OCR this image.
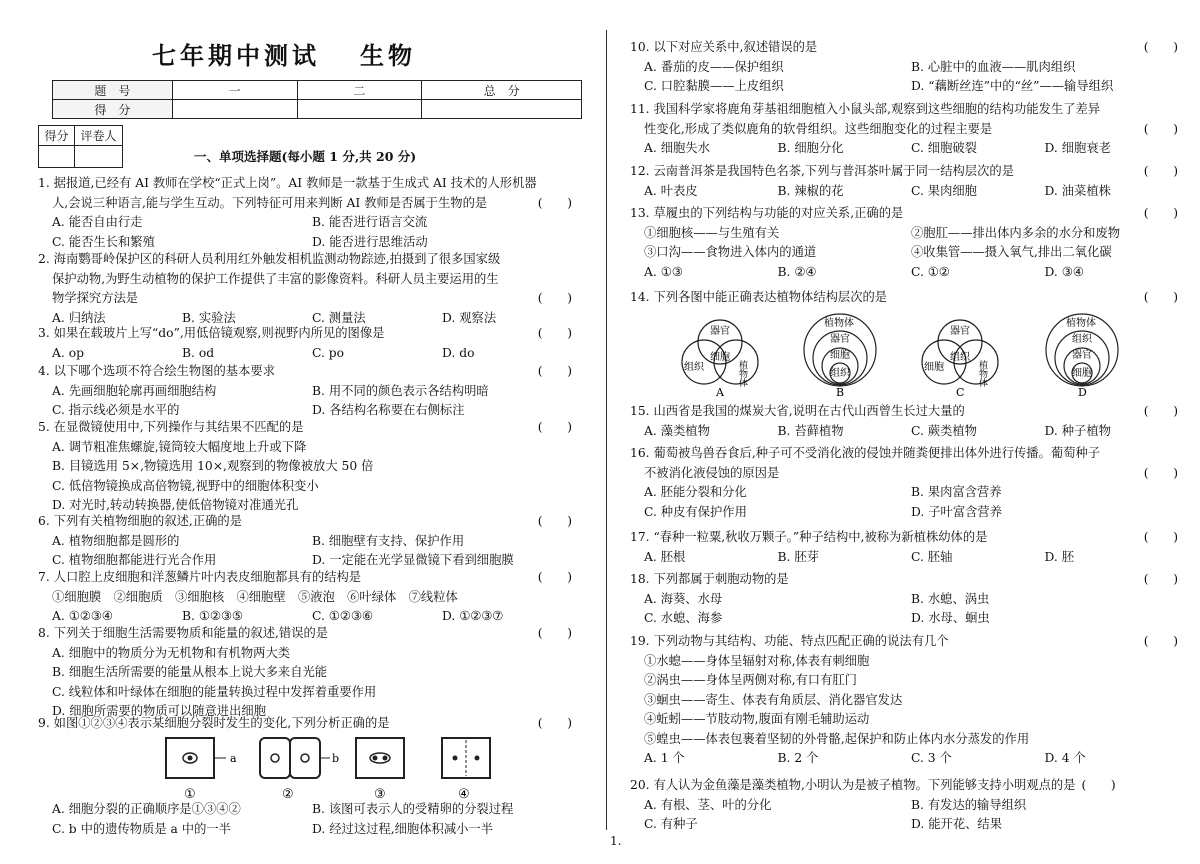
七年期中测试 生物
题　号	一	二	总　分
得　分			
得分	评卷人

一、单项选择题(每小题 1 分,共 20 分)
1. 据报道,已经有 AI 教师在学校“正式上岗”。AI 教师是一款基于生成式 AI 技术的人形机器
人,会说三种语言,能与学生互动。下列特征可用来判断 AI 教师是否属于生物的是	(　　)
A. 能否自由行走	B. 能否进行语言交流
C. 能否生长和繁殖	D. 能否进行思维活动
2. 海南鹦哥岭保护区的科研人员利用红外触发相机监测动物踪迹,拍摄到了很多国家级
保护动物,为野生动植物的保护工作提供了丰富的影像资料。科研人员主要运用的生
物学探究方法是	(　　)
A. 归纳法	B. 实验法	C. 测量法	D. 观察法
3. 如果在载玻片上写“do”,用低倍镜观察,则视野内所见的图像是	(　　)
A. op	B. od	C. po	D. do
4. 以下哪个选项不符合绘生物图的基本要求	(　　)
A. 先画细胞轮廓再画细胞结构	B. 用不同的颜色表示各结构明暗
C. 指示线必须是水平的	D. 各结构名称要在右侧标注
5. 在显微镜使用中,下列操作与其结果不匹配的是	(　　)
A. 调节粗准焦螺旋,镜筒较大幅度地上升或下降
B. 目镜选用 5×,物镜选用 10×,观察到的物像被放大 50 倍
C. 低倍物镜换成高倍物镜,视野中的细胞体积变小
D. 对光时,转动转换器,使低倍物镜对准通光孔
6. 下列有关植物细胞的叙述,正确的是	(　　)
A. 植物细胞都是圆形的	B. 细胞壁有支持、保护作用
C. 植物细胞都能进行光合作用	D. 一定能在光学显微镜下看到细胞膜
7. 人口腔上皮细胞和洋葱鳞片叶内表皮细胞都具有的结构是	(　　)
①细胞膜　②细胞质　③细胞核　④细胞壁　⑤液泡　⑥叶绿体　⑦线粒体
A. ①②③④	B. ①②③⑤	C. ①②③⑥	D. ①②③⑦
8. 下列关于细胞生活需要物质和能量的叙述,错误的是	(　　)
A. 细胞中的物质分为无机物和有机物两大类
B. 细胞生活所需要的能量从根本上说大多来自光能
C. 线粒体和叶绿体在细胞的能量转换过程中发挥着重要作用
D. 细胞所需要的物质可以随意进出细胞
9. 如图①②③④表示某细胞分裂时发生的变化,下列分析正确的是	(　　)
a
①
b
②	③	④
A. 细胞分裂的正确顺序是①③④②	B. 该图可表示人的受精卵的分裂过程
C. b 中的遗传物质是 a 中的一半	D. 经过这过程,细胞体积减小一半
10. 以下对应关系中,叙述错误的是	(　　)
A. 番茄的皮——保护组织	B. 心脏中的血液——肌肉组织
C. 口腔黏膜——上皮组织	D. “藕断丝连”中的“丝”——输导组织
11. 我国科学家将鹿角芽基祖细胞植入小鼠头部,观察到这些细胞的结构功能发生了差异
性变化,形成了类似鹿角的软骨组织。这些细胞变化的过程主要是	(　　)
A. 细胞失水	B. 细胞分化	C. 细胞破裂	D. 细胞衰老
12. 云南普洱茶是我国特色名茶,下列与普洱茶叶属于同一结构层次的是	(　　)
A. 叶表皮	B. 辣椒的花	C. 果肉细胞	D. 油菜植株
13. 草履虫的下列结构与功能的对应关系,正确的是	(　　)
①细胞核——与生殖有关	②胞肛——排出体内多余的水分和废物
③口沟——食物进入体内的通道	④收集管——摄入氧气,排出二氧化碳
A. ①③	B. ②④	C. ①②	D. ③④
14. 下列各图中能正确表达植物体结构层次的是	(　　)
器官
细胞
组织	植物体
A
植物体
器官
细胞
组织
B
器官
组织
细胞	植物体
C
植物体
组织
器官
细胞
D
15. 山西省是我国的煤炭大省,说明在古代山西曾生长过大量的	(　　)
A. 藻类植物	B. 苔藓植物	C. 蕨类植物	D. 种子植物
16. 葡萄被鸟兽吞食后,种子可不受消化液的侵蚀并随粪便排出体外进行传播。葡萄种子
不被消化液侵蚀的原因是	(　　)
A. 胚能分裂和分化	B. 果肉富含营养
C. 种皮有保护作用	D. 子叶富含营养
17. “春种一粒粟,秋收万颗子。”种子结构中,被称为新植株幼体的是	(　　)
A. 胚根	B. 胚芽	C. 胚轴	D. 胚
18. 下列都属于刺胞动物的是	(　　)
A. 海葵、水母	B. 水螅、涡虫
C. 水螅、海参	D. 水母、蛔虫
19. 下列动物与其结构、功能、特点匹配正确的说法有几个	(　　)
①水螅——身体呈辐射对称,体表有刺细胞
②涡虫——身体呈两侧对称,有口有肛门
③蛔虫——寄生、体表有角质层、消化器官发达
④蚯蚓——节肢动物,腹面有刚毛辅助运动
⑤蝗虫——体表包裹着坚韧的外骨骼,起保护和防止体内水分蒸发的作用
A. 1 个	B. 2 个	C. 3 个	D. 4 个
20. 有人认为金鱼藻是藻类植物,小明认为是被子植物。下列能够支持小明观点的是 (　　)
A. 有根、茎、叶的分化	B. 有发达的输导组织
C. 有种子	D. 能开花、结果
1.
